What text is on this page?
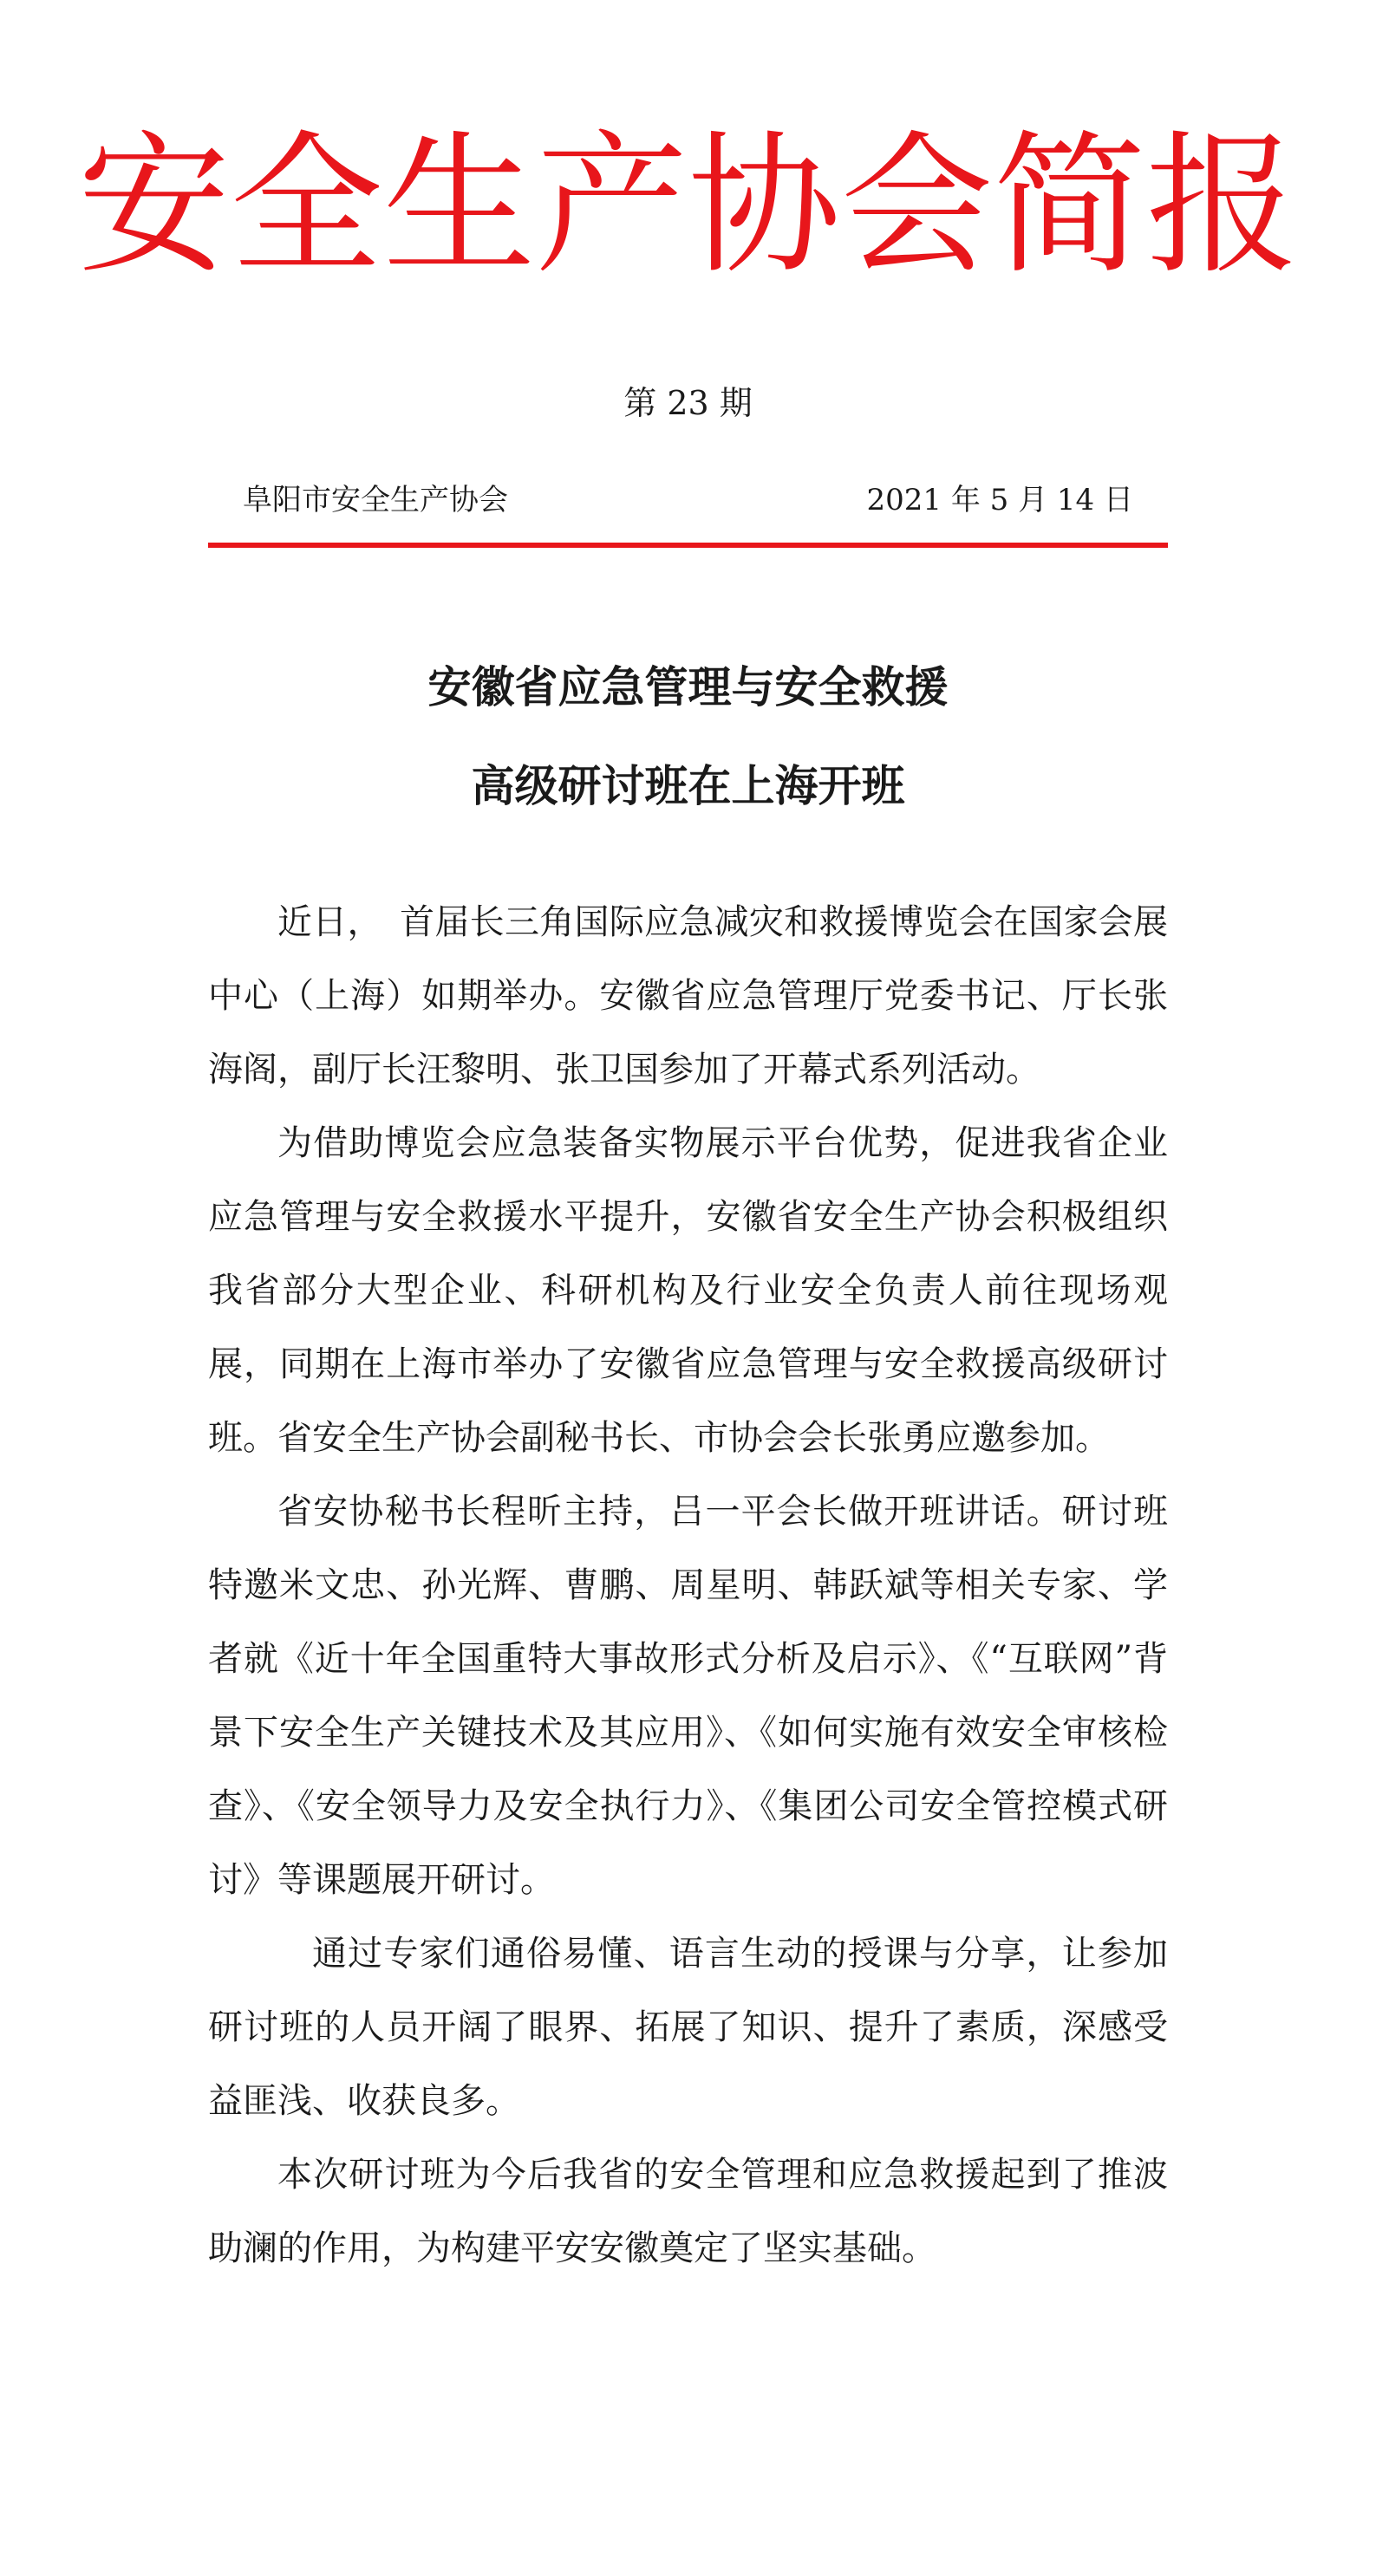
安全生产协会简报
第 23 期
阜阳市安全生产协会	2021 年 5 月 14 日
安徽省应急管理与安全救援
高级研讨班在上海开班

近日，　首届长三角国际应急减灾和救援博览会在国家会展中心（上海）如期举办。安徽省应急管理厅党委书记、厅长张海阁，副厅长汪黎明、张卫国参加了开幕式系列活动。

为借助博览会应急装备实物展示平台优势，促进我省企业应急管理与安全救援水平提升，安徽省安全生产协会积极组织我省部分大型企业、科研机构及行业安全负责人前往现场观展，同期在上海市举办了安徽省应急管理与安全救援高级研讨班。省安全生产协会副秘书长、市协会会长张勇应邀参加。

省安协秘书长程昕主持，吕一平会长做开班讲话。研讨班特邀米文忠、孙光辉、曹鹏、周星明、韩跃斌等相关专家、学者就《近十年全国重特大事故形式分析及启示》、《“互联网”背景下安全生产关键技术及其应用》、《如何实施有效安全审核检查》、《安全领导力及安全执行力》、《集团公司安全管控模式研讨》等课题展开研讨。

通过专家们通俗易懂、语言生动的授课与分享，让参加研讨班的人员开阔了眼界、拓展了知识、提升了素质，深感受益匪浅、收获良多。

本次研讨班为今后我省的安全管理和应急救援起到了推波助澜的作用，为构建平安安徽奠定了坚实基础。
